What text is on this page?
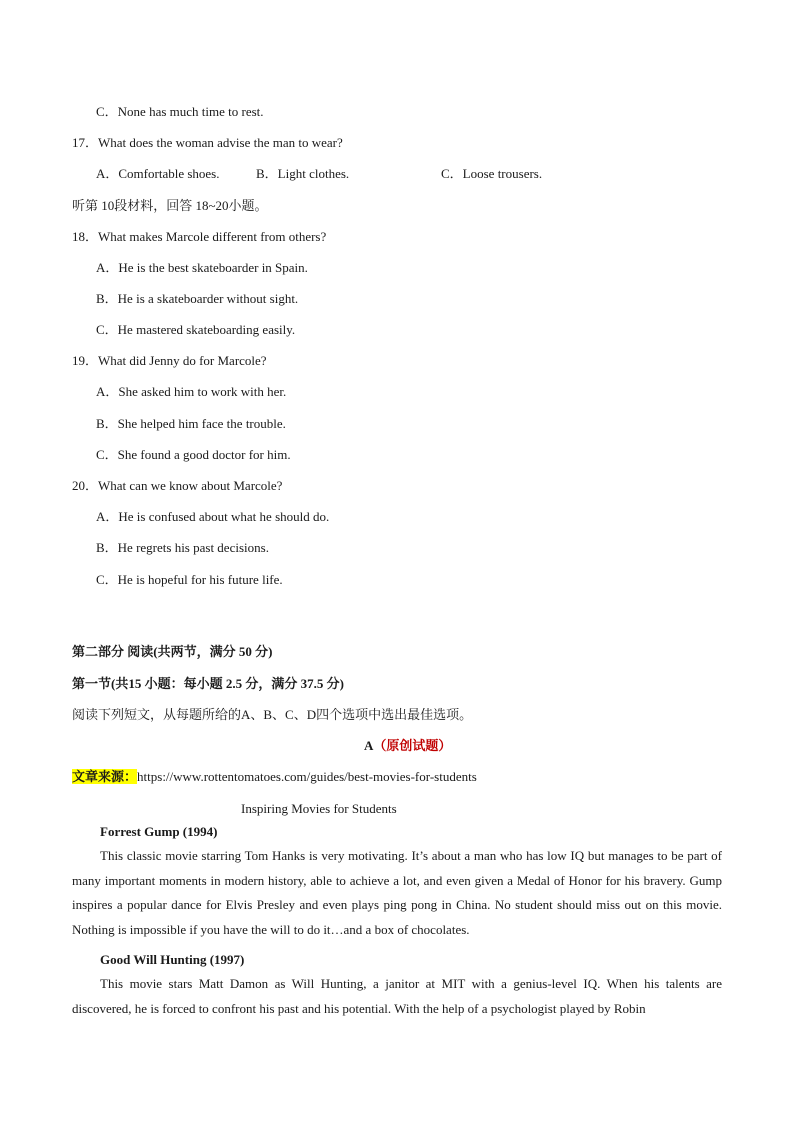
C．None has much time to rest.
17．What does the woman advise the man to wear?
A．Comfortable shoes.	B．Light clothes.	C．Loose trousers.
听第 10段材料，回答 18~20小题。
18．What makes Marcole different from others?
A．He is the best skateboarder in Spain.
B．He is a skateboarder without sight.
C．He mastered skateboarding easily.
19．What did Jenny do for Marcole?
A．She asked him to work with her.
B．She helped him face the trouble.
C．She found a good doctor for him.
20．What can we know about Marcole?
A．He is confused about what he should do.
B．He regrets his past decisions.
C．He is hopeful for his future life.
第二部分 阅读(共两节，满分 50 分)
第一节(共15 小题：每小题 2.5 分，满分 37.5 分)
阅读下列短文，从每题所给的A、B、C、D四个选项中选出最佳选项。
A（原创试题）
文章来源：https://www.rottentomatoes.com/guides/best-movies-for-students
Inspiring Movies for Students
Forrest Gump (1994)
This classic movie starring Tom Hanks is very motivating. It’s about a man who has low IQ but manages to be part of many important moments in modern history, able to achieve a lot, and even given a Medal of Honor for his bravery. Gump inspires a popular dance for Elvis Presley and even plays ping pong in China. No student should miss out on this movie. Nothing is impossible if you have the will to do it…and a box of chocolates.
Good Will Hunting (1997)
This movie stars Matt Damon as Will Hunting, a janitor at MIT with a genius-level IQ. When his talents are discovered, he is forced to confront his past and his potential. With the help of a psychologist played by Robin
